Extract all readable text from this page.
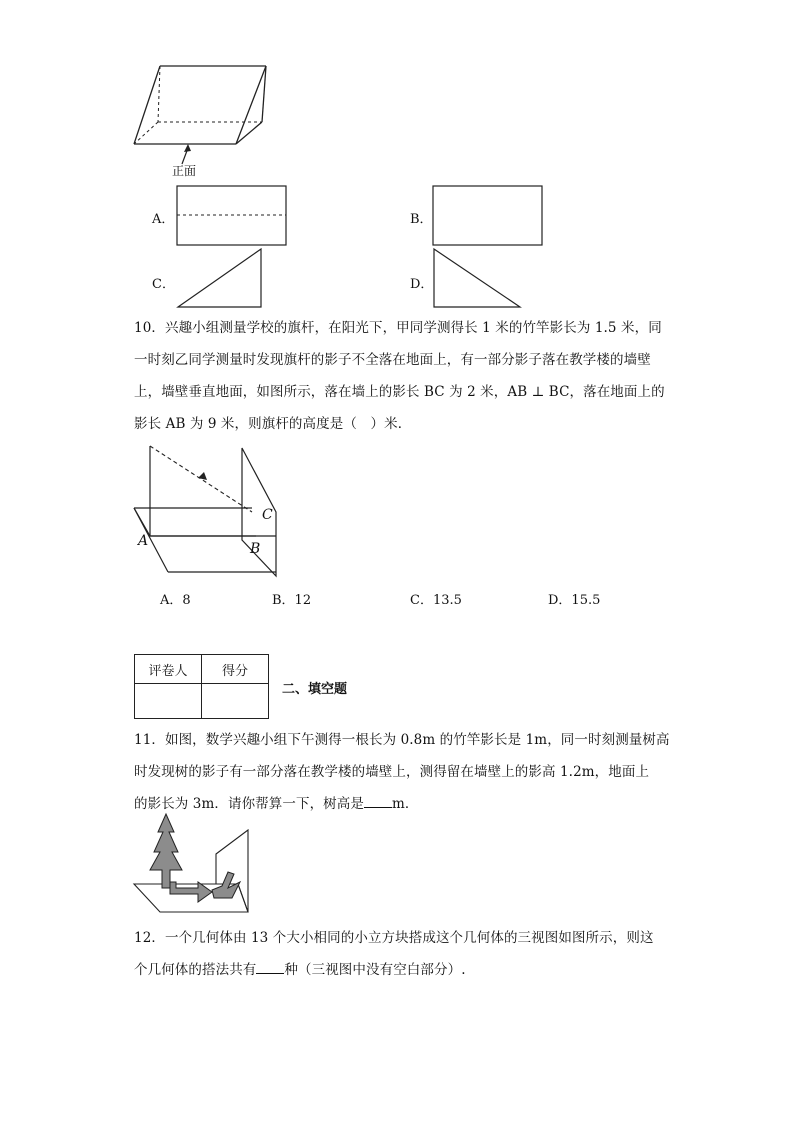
正面
A．	B．
C．	D．
10．兴趣小组测量学校的旗杆，在阳光下，甲同学测得长 1 米的竹竿影长为 1.5 米，同
一时刻乙同学测量时发现旗杆的影子不全落在地面上，有一部分影子落在教学楼的墙壁
上，墙壁垂直地面，如图所示，落在墙上的影长 BC 为 2 米，AB ⊥ BC，落在地面上的
影长 AB 为 9 米，则旗杆的高度是（　）米．
A	B
C
A．8	B．12	C．13.5	D．15.5
评卷人	得分

二、填空题
11．如图，数学兴趣小组下午测得一根长为 0.8m 的竹竿影长是 1m，同一时刻测量树高
时发现树的影子有一部分落在教学楼的墙壁上，测得留在墙壁上的影高 1.2m，地面上
的影长为 3m．请你帮算一下，树高是 m．
12．一个几何体由 13 个大小相同的小立方块搭成这个几何体的三视图如图所示，则这
个几何体的搭法共有 种（三视图中没有空白部分）.
